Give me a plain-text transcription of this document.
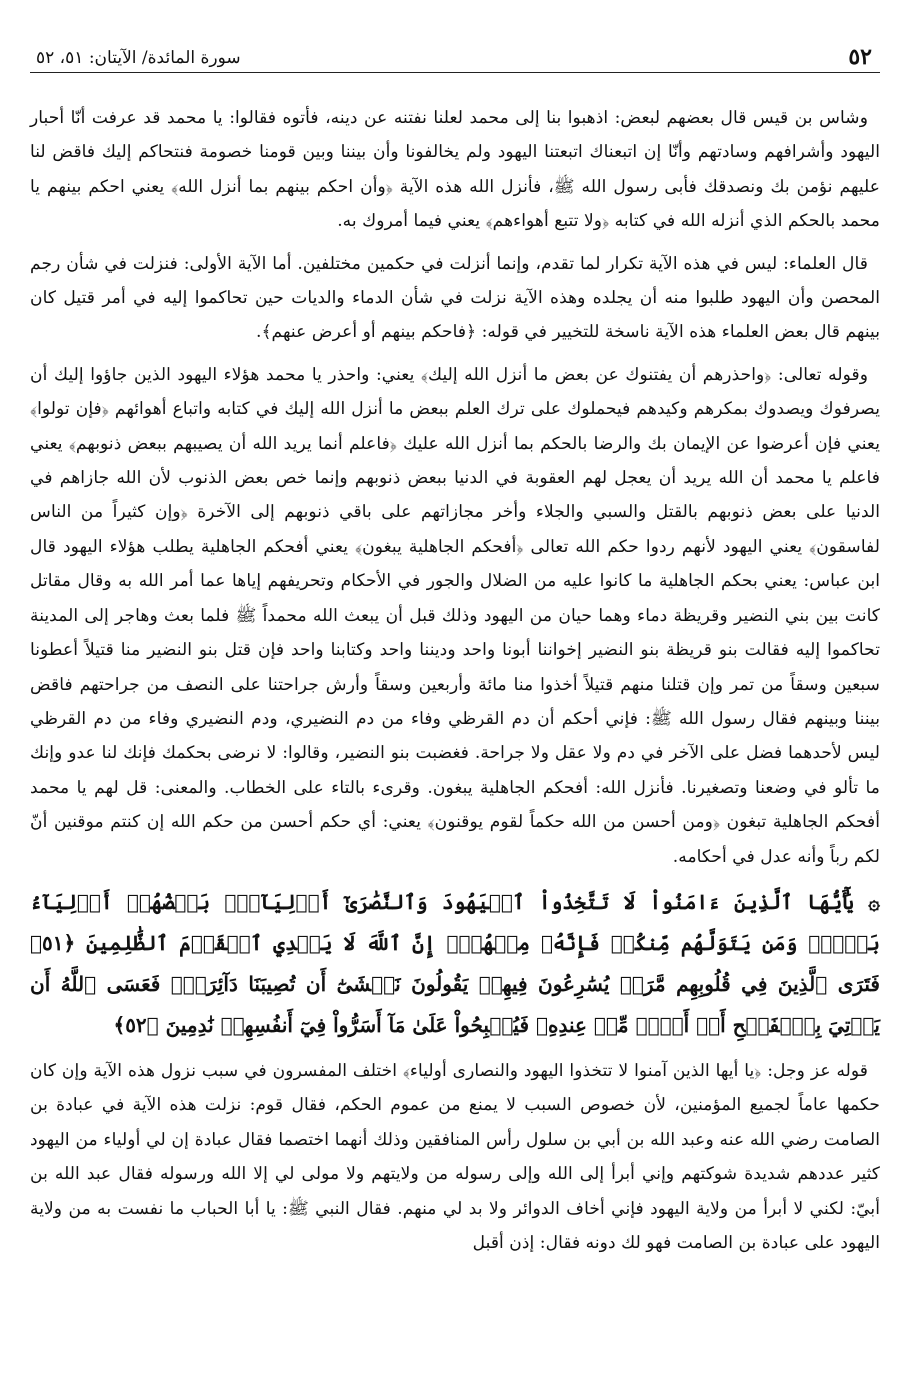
٥٢
سورة المائدة/ الآيتان: ٥١، ٥٢

وشاس بن قيس قال بعضهم لبعض: اذهبوا بنا إلى محمد لعلنا نفتنه عن دينه، فأتوه فقالوا: يا محمد قد عرفت أنّا أحبار اليهود وأشرافهم وسادتهم وأنّا إن اتبعناك اتبعتنا اليهود ولم يخالفونا وأن بيننا وبين قومنا خصومة فنتحاكم إليك فاقض لنا عليهم نؤمن بك ونصدقك فأبى رسول الله ﷺ، فأنزل الله هذه الآية ﴿وأن احكم بينهم بما أنزل الله﴾ يعني احكم بينهم يا محمد بالحكم الذي أنزله الله في كتابه ﴿ولا تتبع أهواءهم﴾ يعني فيما أمروك به.

قال العلماء: ليس في هذه الآية تكرار لما تقدم، وإنما أنزلت في حكمين مختلفين. أما الآية الأولى: فنزلت في شأن رجم المحصن وأن اليهود طلبوا منه أن يجلده وهذه الآية نزلت في شأن الدماء والديات حين تحاكموا إليه في أمر قتيل كان بينهم قال بعض العلماء هذه الآية ناسخة للتخيير في قوله: ﴿فاحكم بينهم أو أعرض عنهم﴾.

وقوله تعالى: ﴿واحذرهم أن يفتنوك عن بعض ما أنزل الله إليك﴾ يعني: واحذر يا محمد هؤلاء اليهود الذين جاؤوا إليك أن يصرفوك ويصدوك بمكرهم وكيدهم فيحملوك على ترك العلم ببعض ما أنزل الله إليك في كتابه واتباع أهوائهم ﴿فإن تولوا﴾ يعني فإن أعرضوا عن الإيمان بك والرضا بالحكم بما أنزل الله عليك ﴿فاعلم أنما يريد الله أن يصيبهم ببعض ذنوبهم﴾ يعني فاعلم يا محمد أن الله يريد أن يعجل لهم العقوبة في الدنيا ببعض ذنوبهم وإنما خص بعض الذنوب لأن الله جازاهم في الدنيا على بعض ذنوبهم بالقتل والسبي والجلاء وأخر مجازاتهم على باقي ذنوبهم إلى الآخرة ﴿وإن كثيراً من الناس لفاسقون﴾ يعني اليهود لأنهم ردوا حكم الله تعالى ﴿أفحكم الجاهلية يبغون﴾ يعني أفحكم الجاهلية يطلب هؤلاء اليهود قال ابن عباس: يعني بحكم الجاهلية ما كانوا عليه من الضلال والجور في الأحكام وتحريفهم إياها عما أمر الله به وقال مقاتل كانت بين بني النضير وقريظة دماء وهما حيان من اليهود وذلك قبل أن يبعث الله محمداً ﷺ فلما بعث وهاجر إلى المدينة تحاكموا إليه فقالت بنو قريظة بنو النضير إخواننا أبونا واحد وديننا واحد وكتابنا واحد فإن قتل بنو النضير منا قتيلاً أعطونا سبعين وسقاً من تمر وإن قتلنا منهم قتيلاً أخذوا منا مائة وأربعين وسقاً وأرش جراحتنا على النصف من جراحتهم فاقض بيننا وبينهم فقال رسول الله ﷺ: فإني أحكم أن دم القرظي وفاء من دم النضيري، ودم النضيري وفاء من دم القرظي ليس لأحدهما فضل على الآخر في دم ولا عقل ولا جراحة. فغضبت بنو النضير، وقالوا: لا نرضى بحكمك فإنك لنا عدو وإنك ما تألو في وضعنا وتصغيرنا. فأنزل الله: أفحكم الجاهلية يبغون. وقرىء بالتاء على الخطاب. والمعنى: قل لهم يا محمد أفحكم الجاهلية تبغون ﴿ومن أحسن من الله حكماً لقوم يوقنون﴾ يعني: أي حكم أحسن من حكم الله إن كنتم موقنين أنّ لكم رباً وأنه عدل في أحكامه.

۞ يَٰٓأَيُّهَا ٱلَّذِينَ ءَامَنُواْ لَا تَتَّخِذُواْ ٱلۡيَهُودَ وَٱلنَّصَٰرَىٰٓ أَوۡلِيَآءَۘ بَعۡضُهُمۡ أَوۡلِيَآءُ بَعۡضٖۚ وَمَن يَتَوَلَّهُم مِّنكُمۡ فَإِنَّهُۥ مِنۡهُمۡۗ إِنَّ ٱللَّهَ لَا يَهۡدِي ٱلۡقَوۡمَ ٱلظَّٰلِمِينَ ﴿٥١﴾ فَتَرَى ٱلَّذِينَ فِي قُلُوبِهِم مَّرَضٞ يُسَٰرِعُونَ فِيهِمۡ يَقُولُونَ نَخۡشَىٰٓ أَن تُصِيبَنَا دَآئِرَةٞۚ فَعَسَى ٱللَّهُ أَن يَأۡتِيَ بِٱلۡفَتۡحِ أَوۡ أَمۡرٖ مِّنۡ عِندِهِۦ فَيُصۡبِحُواْ عَلَىٰ مَآ أَسَرُّواْ فِيٓ أَنفُسِهِمۡ نَٰدِمِينَ ﴿٥٢﴾

قوله عز وجل: ﴿يا أيها الذين آمنوا لا تتخذوا اليهود والنصارى أولياء﴾ اختلف المفسرون في سبب نزول هذه الآية وإن كان حكمها عاماً لجميع المؤمنين، لأن خصوص السبب لا يمنع من عموم الحكم، فقال قوم: نزلت هذه الآية في عبادة بن الصامت رضي الله عنه وعبد الله بن أبي بن سلول رأس المنافقين وذلك أنهما اختصما فقال عبادة إن لي أولياء من اليهود كثير عددهم شديدة شوكتهم وإني أبرأ إلى الله وإلى رسوله من ولايتهم ولا مولى لي إلا الله ورسوله فقال عبد الله بن أبيّ: لكني لا أبرأ من ولاية اليهود فإني أخاف الدوائر ولا بد لي منهم. فقال النبي ﷺ: يا أبا الحباب ما نفست به من ولاية اليهود على عبادة بن الصامت فهو لك دونه فقال: إذن أقبل
